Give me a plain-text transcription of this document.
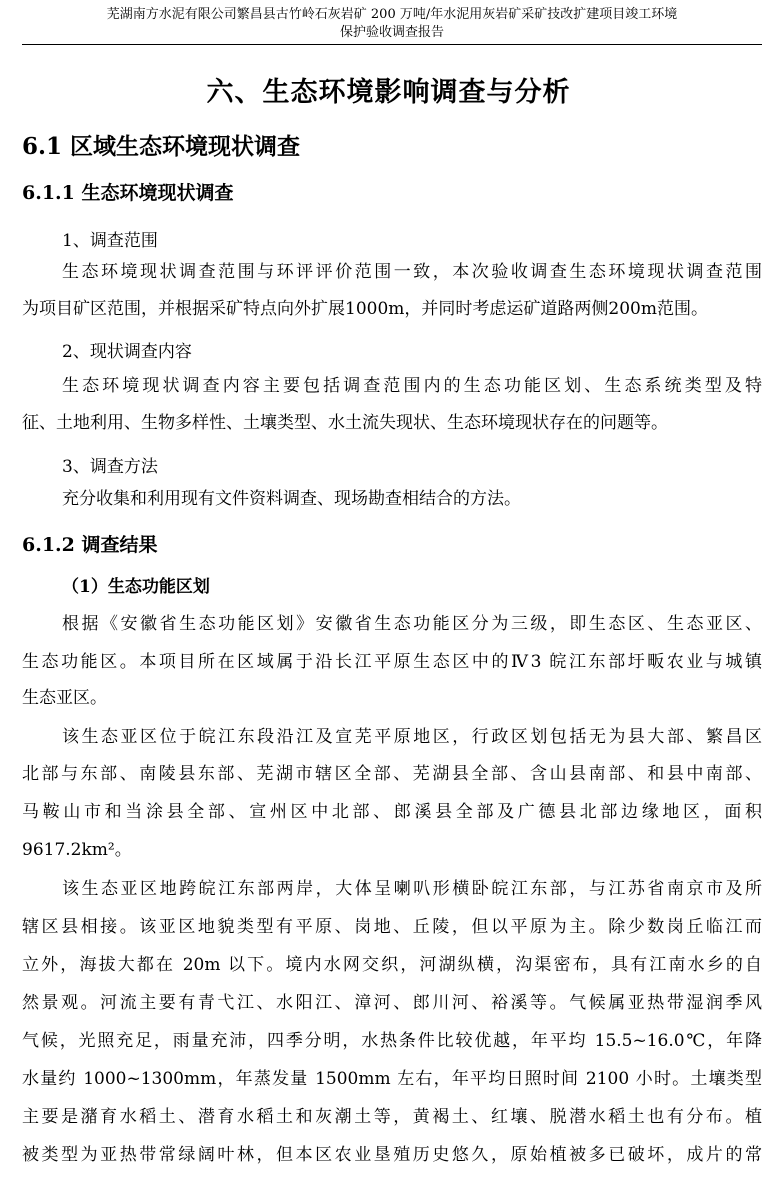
芜湖南方水泥有限公司繁昌县古竹岭石灰岩矿 200 万吨/年水泥用灰岩矿采矿技改扩建项目竣工环境
保护验收调查报告
六、生态环境影响调查与分析
6.1 区域生态环境现状调查
6.1.1 生态环境现状调查
1、调查范围
生态环境现状调查范围与环评评价范围一致，本次验收调查生态环境现状调查范围
为项目矿区范围，并根据采矿特点向外扩展1000m，并同时考虑运矿道路两侧200m范围。
2、现状调查内容
生态环境现状调查内容主要包括调查范围内的生态功能区划、生态系统类型及特
征、土地利用、生物多样性、土壤类型、水土流失现状、生态环境现状存在的问题等。
3、调查方法
充分收集和利用现有文件资料调查、现场勘查相结合的方法。
6.1.2 调查结果
（1）生态功能区划
根据《安徽省生态功能区划》安徽省生态功能区分为三级，即生态区、生态亚区、
生态功能区。本项目所在区域属于沿长江平原生态区中的Ⅳ3 皖江东部圩畈农业与城镇
生态亚区。
该生态亚区位于皖江东段沿江及宣芜平原地区，行政区划包括无为县大部、繁昌区
北部与东部、南陵县东部、芜湖市辖区全部、芜湖县全部、含山县南部、和县中南部、
马鞍山市和当涂县全部、宣州区中北部、郎溪县全部及广德县北部边缘地区，面积
9617.2km²。
该生态亚区地跨皖江东部两岸，大体呈喇叭形横卧皖江东部，与江苏省南京市及所
辖区县相接。该亚区地貌类型有平原、岗地、丘陵，但以平原为主。除少数岗丘临江而
立外，海拔大都在 20m 以下。境内水网交织，河湖纵横，沟渠密布，具有江南水乡的自
然景观。河流主要有青弋江、水阳江、漳河、郎川河、裕溪等。气候属亚热带湿润季风
气候，光照充足，雨量充沛，四季分明，水热条件比较优越，年平均 15.5~16.0℃，年降
水量约 1000~1300mm，年蒸发量 1500mm 左右，年平均日照时间 2100 小时。土壤类型
主要是潴育水稻土、潜育水稻土和灰潮土等，黄褐土、红壤、脱潜水稻土也有分布。植
被类型为亚热带常绿阔叶林，但本区农业垦殖历史悠久，原始植被多已破坏，成片的常
